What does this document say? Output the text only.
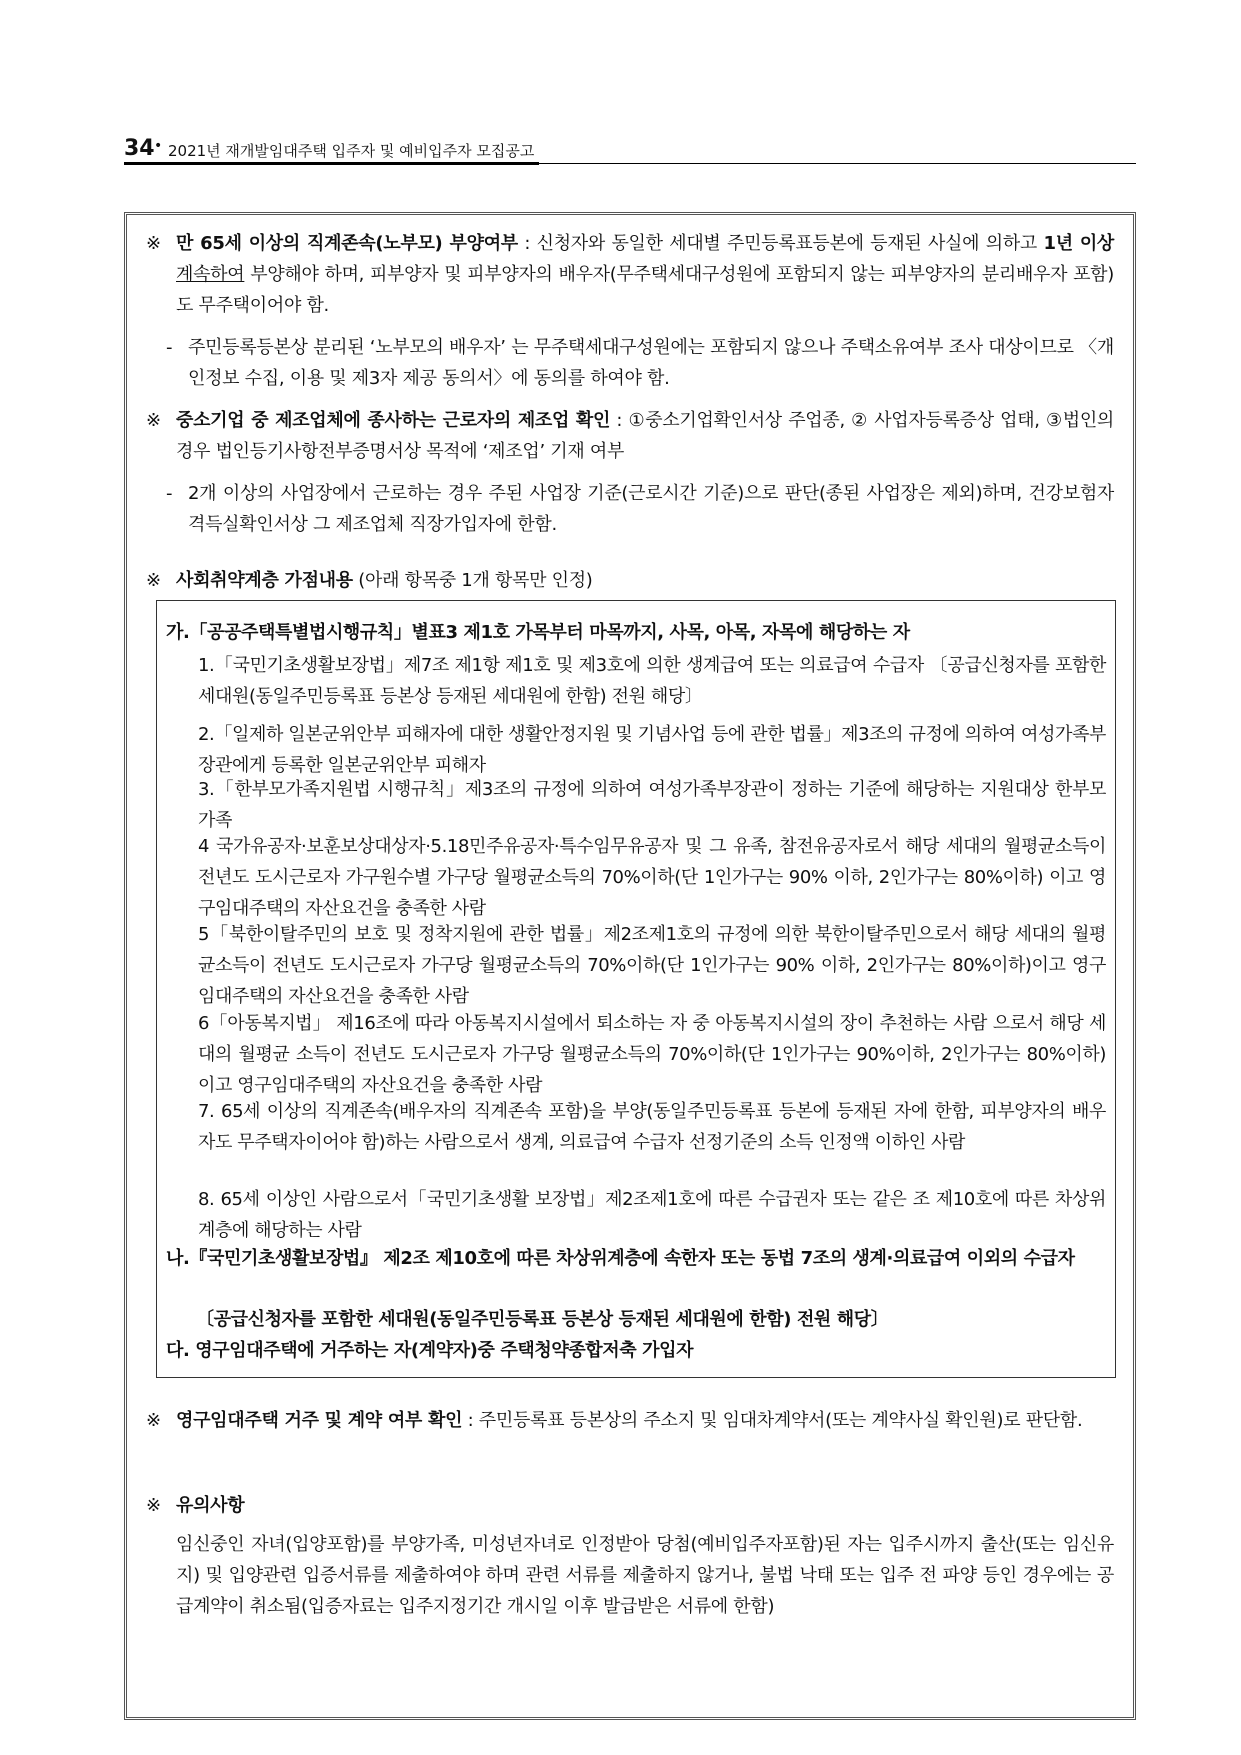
34 • 2021년 재개발임대주택 입주자 및 예비입주자 모집공고
※ 만 65세 이상의 직계존속(노부모) 부양여부 : 신청자와 동일한 세대별 주민등록표등본에 등재된 사실에 의하고 1년 이상 계속하여 부양해야 하며, 피부양자 및 피부양자의 배우자(무주택세대구성원에 포함되지 않는 피부양자의 분리배우자 포함)도 무주택이어야 함.

- 주민등록등본상 분리된 ‘노부모의 배우자’ 는 무주택세대구성원에는 포함되지 않으나 주택소유여부 조사 대상이므로 〈개인정보 수집, 이용 및 제3자 제공 동의서〉에 동의를 하여야 함.

※ 중소기업 중 제조업체에 종사하는 근로자의 제조업 확인 : ①중소기업확인서상 주업종, ② 사업자등록증상 업태, ③법인의 경우 법인등기사항전부증명서상 목적에 ‘제조업’ 기재 여부

- 2개 이상의 사업장에서 근로하는 경우 주된 사업장 기준(근로시간 기준)으로 판단(종된 사업장은 제외)하며, 건강보험자격득실확인서상 그 제조업체 직장가입자에 한함.

※ 사회취약계층 가점내용 (아래 항목중 1개 항목만 인정)

가.「공공주택특별법시행규칙」별표3 제1호 가목부터 마목까지, 사목, 아목, 자목에 해당하는 자

1.「국민기초생활보장법」제7조 제1항 제1호 및 제3호에 의한 생계급여 또는 의료급여 수급자 〔공급신청자를 포함한 세대원(동일주민등록표 등본상 등재된 세대원에 한함) 전원 해당〕

2.「일제하 일본군위안부 피해자에 대한 생활안정지원 및 기념사업 등에 관한 법률」제3조의 규정에 의하여 여성가족부장관에게 등록한 일본군위안부 피해자

3.「한부모가족지원법 시행규칙」제3조의 규정에 의하여 여성가족부장관이 정하는 기준에 해당하는 지원대상 한부모가족

4 국가유공자·보훈보상대상자·5.18민주유공자·특수임무유공자 및 그 유족, 참전유공자로서 해당 세대의 월평균소득이 전년도 도시근로자 가구원수별 가구당 월평균소득의 70%이하(단 1인가구는 90% 이하, 2인가구는 80%이하) 이고 영구임대주택의 자산요건을 충족한 사람

5「북한이탈주민의 보호 및 정착지원에 관한 법률」제2조제1호의 규정에 의한 북한이탈주민으로서 해당 세대의 월평균소득이 전년도 도시근로자 가구당 월평균소득의 70%이하(단 1인가구는 90% 이하, 2인가구는 80%이하)이고 영구임대주택의 자산요건을 충족한 사람

6「아동복지법」 제16조에 따라 아동복지시설에서 퇴소하는 자 중 아동복지시설의 장이 추천하는 사람 으로서 해당 세대의 월평균 소득이 전년도 도시근로자 가구당 월평균소득의 70%이하(단 1인가구는 90%이하, 2인가구는 80%이하)이고 영구임대주택의 자산요건을 충족한 사람

7. 65세 이상의 직계존속(배우자의 직계존속 포함)을 부양(동일주민등록표 등본에 등재된 자에 한함, 피부양자의 배우자도 무주택자이어야 함)하는 사람으로서 생계, 의료급여 수급자 선정기준의 소득 인정액 이하인 사람

8. 65세 이상인 사람으로서「국민기초생활 보장법」제2조제1호에 따른 수급권자 또는 같은 조 제10호에 따른 차상위계층에 해당하는 사람

나.『국민기초생활보장법』 제2조 제10호에 따른 차상위계층에 속한자 또는 동법 7조의 생계·의료급여 이외의 수급자

〔공급신청자를 포함한 세대원(동일주민등록표 등본상 등재된 세대원에 한함) 전원 해당〕

다. 영구임대주택에 거주하는 자(계약자)중 주택청약종합저축 가입자

※ 영구임대주택 거주 및 계약 여부 확인 : 주민등록표 등본상의 주소지 및 임대차계약서(또는 계약사실 확인원)로 판단함.

※ 유의사항

임신중인 자녀(입양포함)를 부양가족, 미성년자녀로 인정받아 당첨(예비입주자포함)된 자는 입주시까지 출산(또는 임신유지) 및 입양관련 입증서류를 제출하여야 하며 관련 서류를 제출하지 않거나, 불법 낙태 또는 입주 전 파양 등인 경우에는 공급계약이 취소됨(입증자료는 입주지정기간 개시일 이후 발급받은 서류에 한함)
